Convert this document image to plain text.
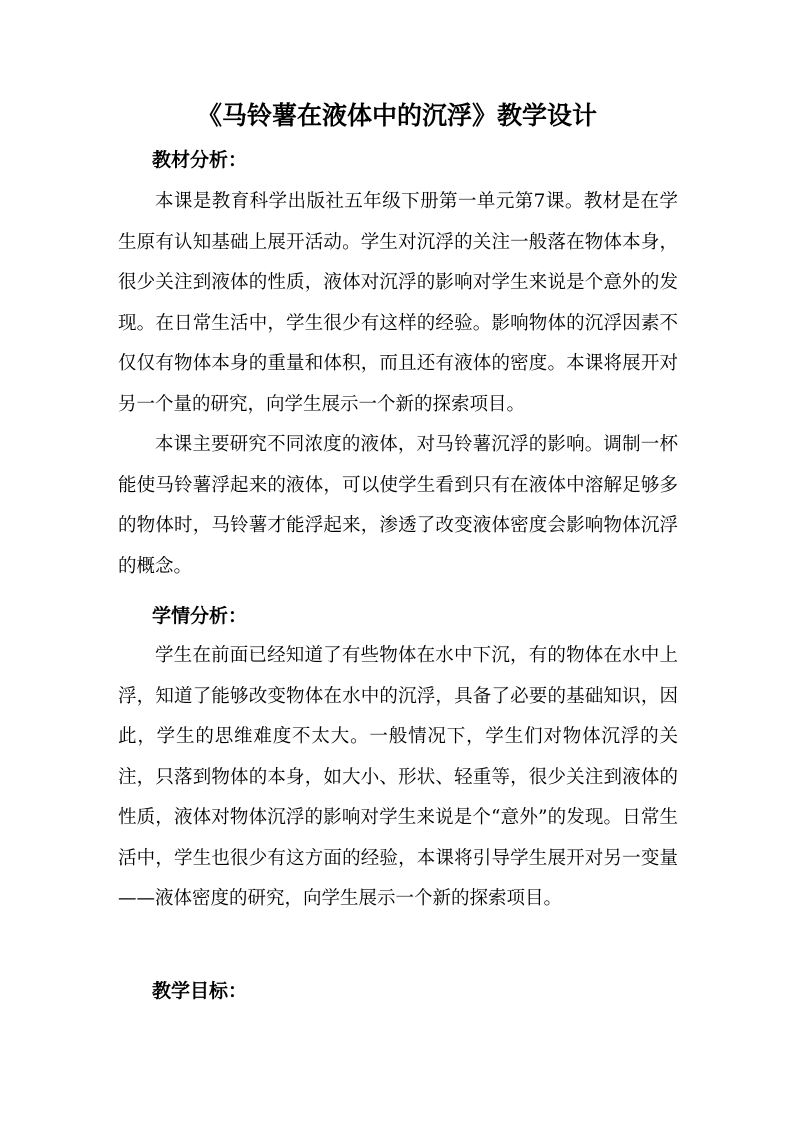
《马铃薯在液体中的沉浮》教学设计
教材分析：
本课是教育科学出版社五年级下册第一单元第7课。教材是在学生原有认知基础上展开活动。学生对沉浮的关注一般落在物体本身，很少关注到液体的性质，液体对沉浮的影响对学生来说是个意外的发现。在日常生活中，学生很少有这样的经验。影响物体的沉浮因素不仅仅有物体本身的重量和体积，而且还有液体的密度。本课将展开对另一个量的研究，向学生展示一个新的探索项目。
本课主要研究不同浓度的液体，对马铃薯沉浮的影响。调制一杯能使马铃薯浮起来的液体，可以使学生看到只有在液体中溶解足够多的物体时，马铃薯才能浮起来，渗透了改变液体密度会影响物体沉浮的概念。
学情分析：
学生在前面已经知道了有些物体在水中下沉，有的物体在水中上浮，知道了能够改变物体在水中的沉浮，具备了必要的基础知识，因此，学生的思维难度不太大。一般情况下，学生们对物体沉浮的关注，只落到物体的本身，如大小、形状、轻重等，很少关注到液体的性质，液体对物体沉浮的影响对学生来说是个“意外”的发现。日常生活中，学生也很少有这方面的经验，本课将引导学生展开对另一变量——液体密度的研究，向学生展示一个新的探索项目。
教学目标：
